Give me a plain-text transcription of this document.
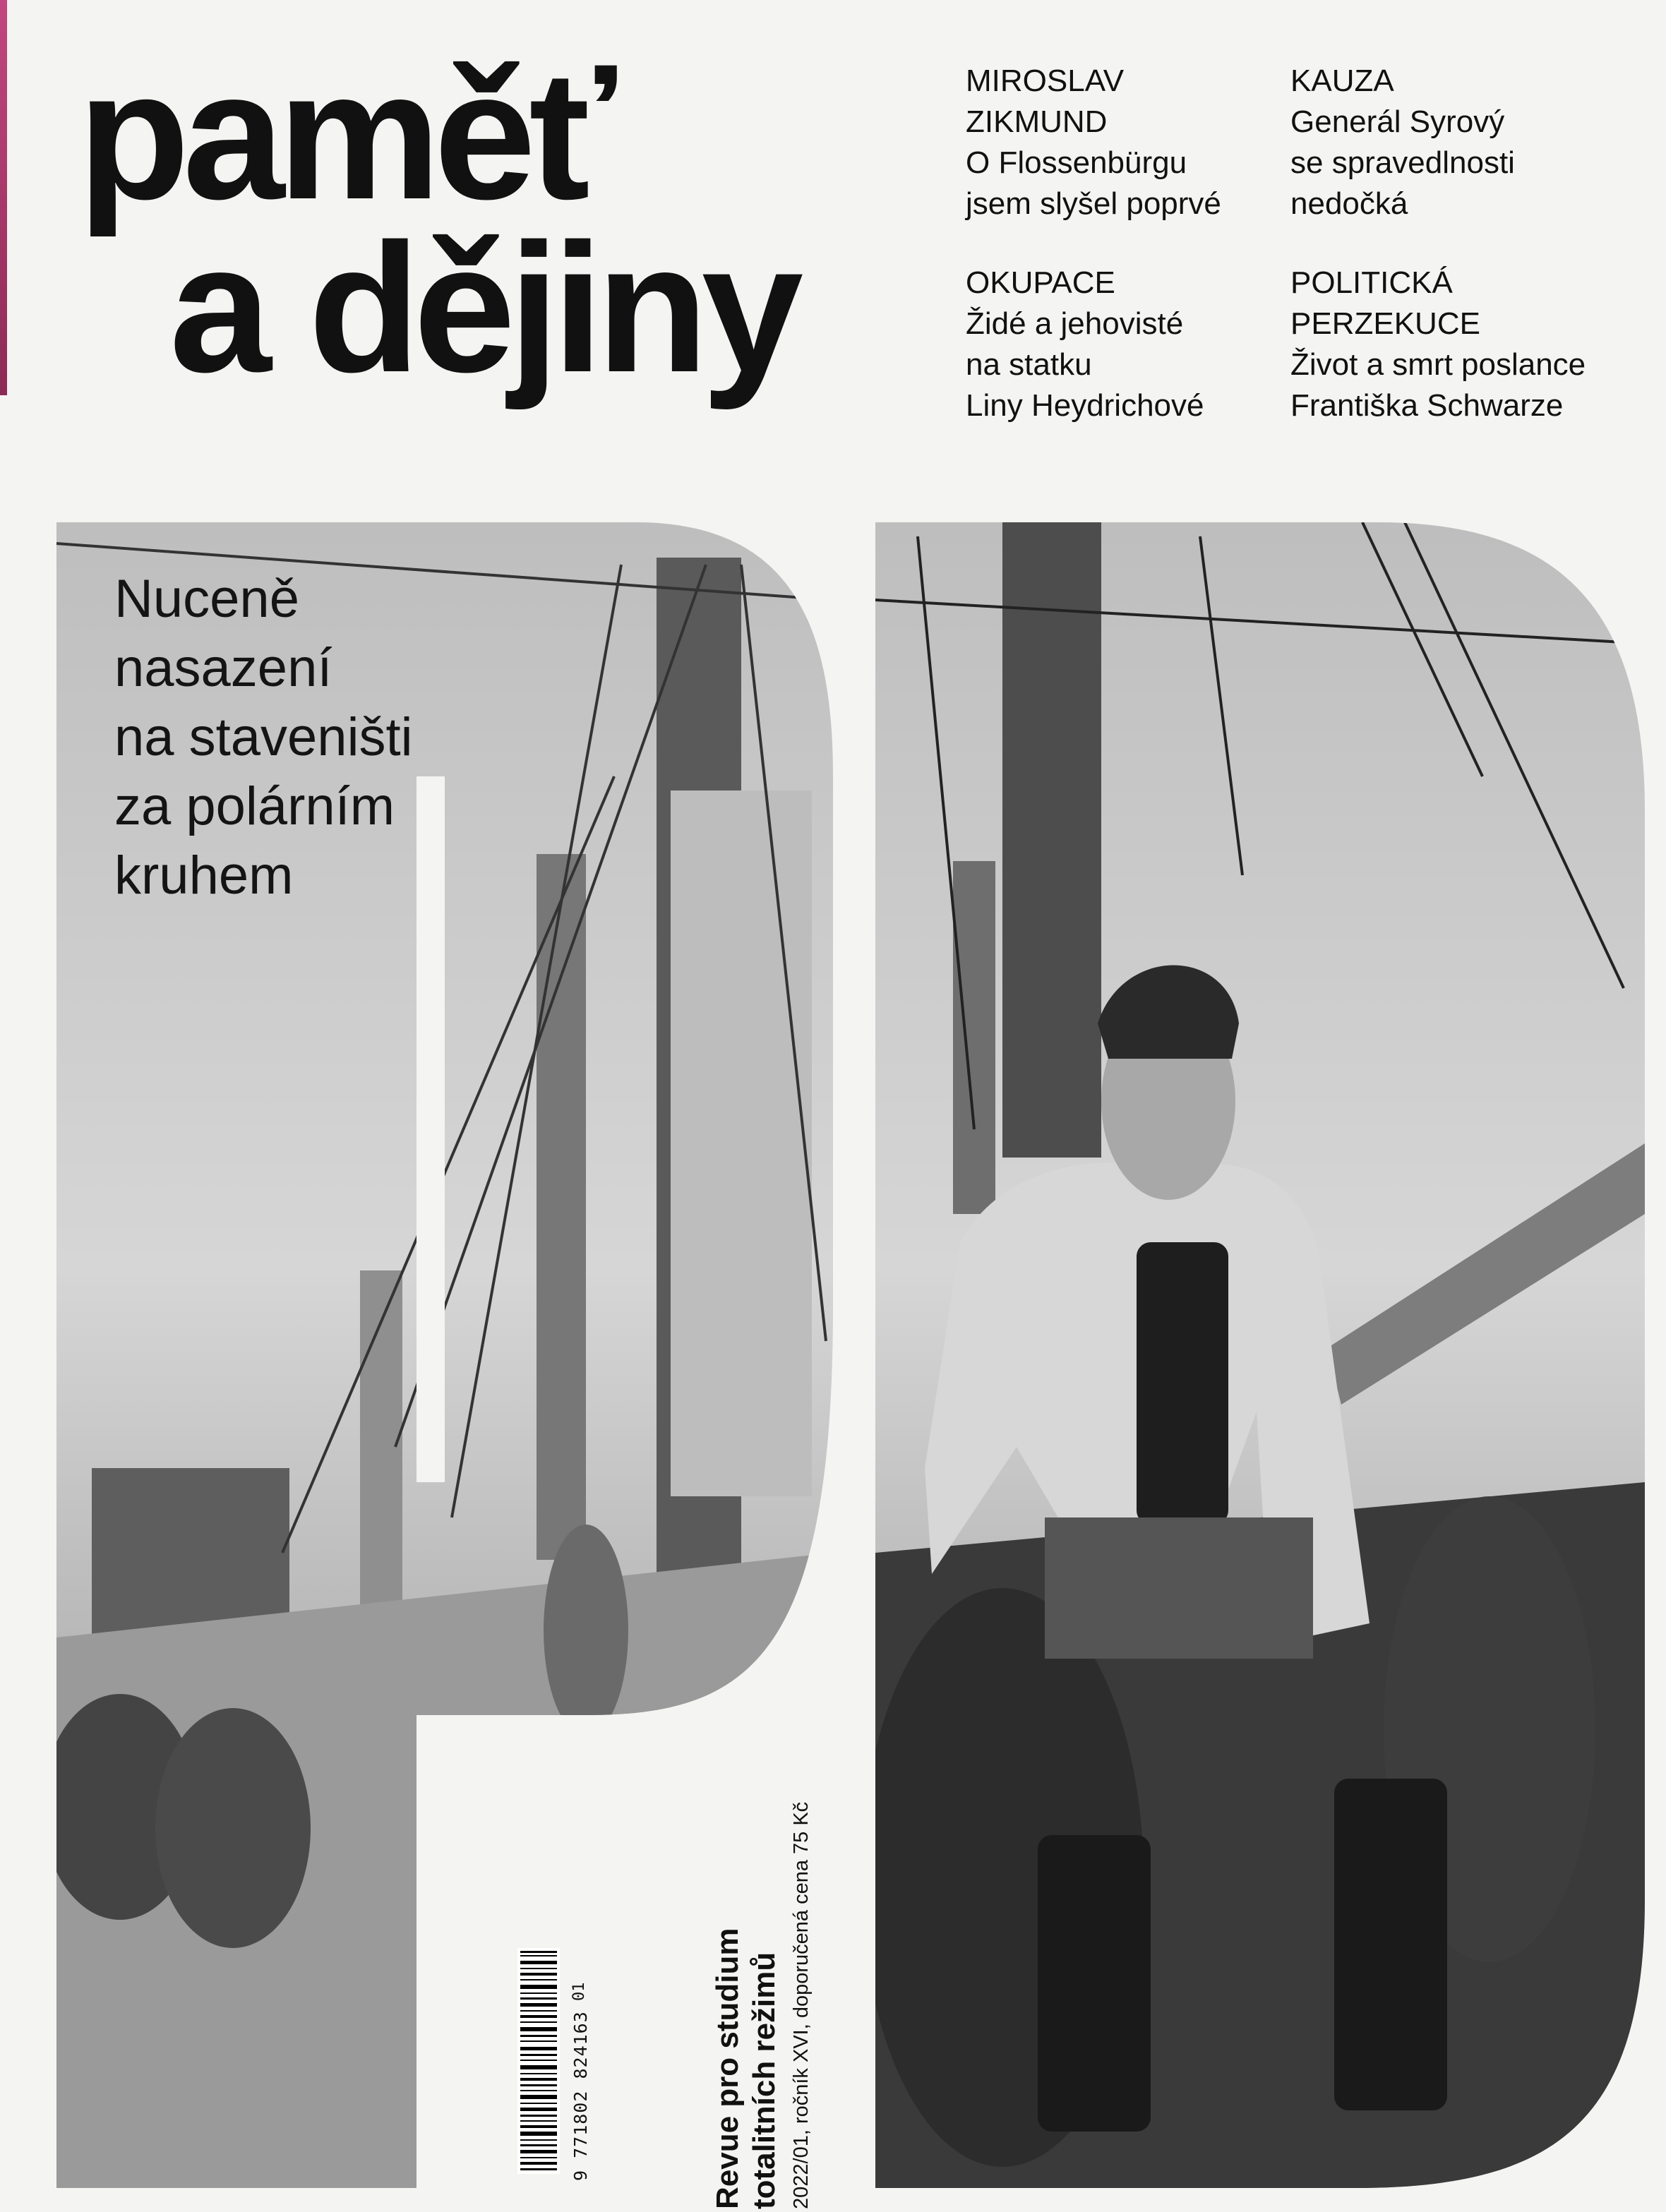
paměť
a dějiny
MIROSLAV
ZIKMUND
O Flossenbürgu
jsem slyšel poprvé
KAUZA
Generál Syrový
se spravedlnosti
nedočká
OKUPACE
Židé a jehovisté
na statku
Liny Heydrichové
POLITICKÁ
PERZEKUCE
Život a smrt poslance
Františka Schwarze
Nuceně
nasazení
na staveništi
za polárním
kruhem
Revue pro studium
totalitních režimů 2022/01, ročník XVI, doporučená cena 75 Kč
9 771802 824163
01
